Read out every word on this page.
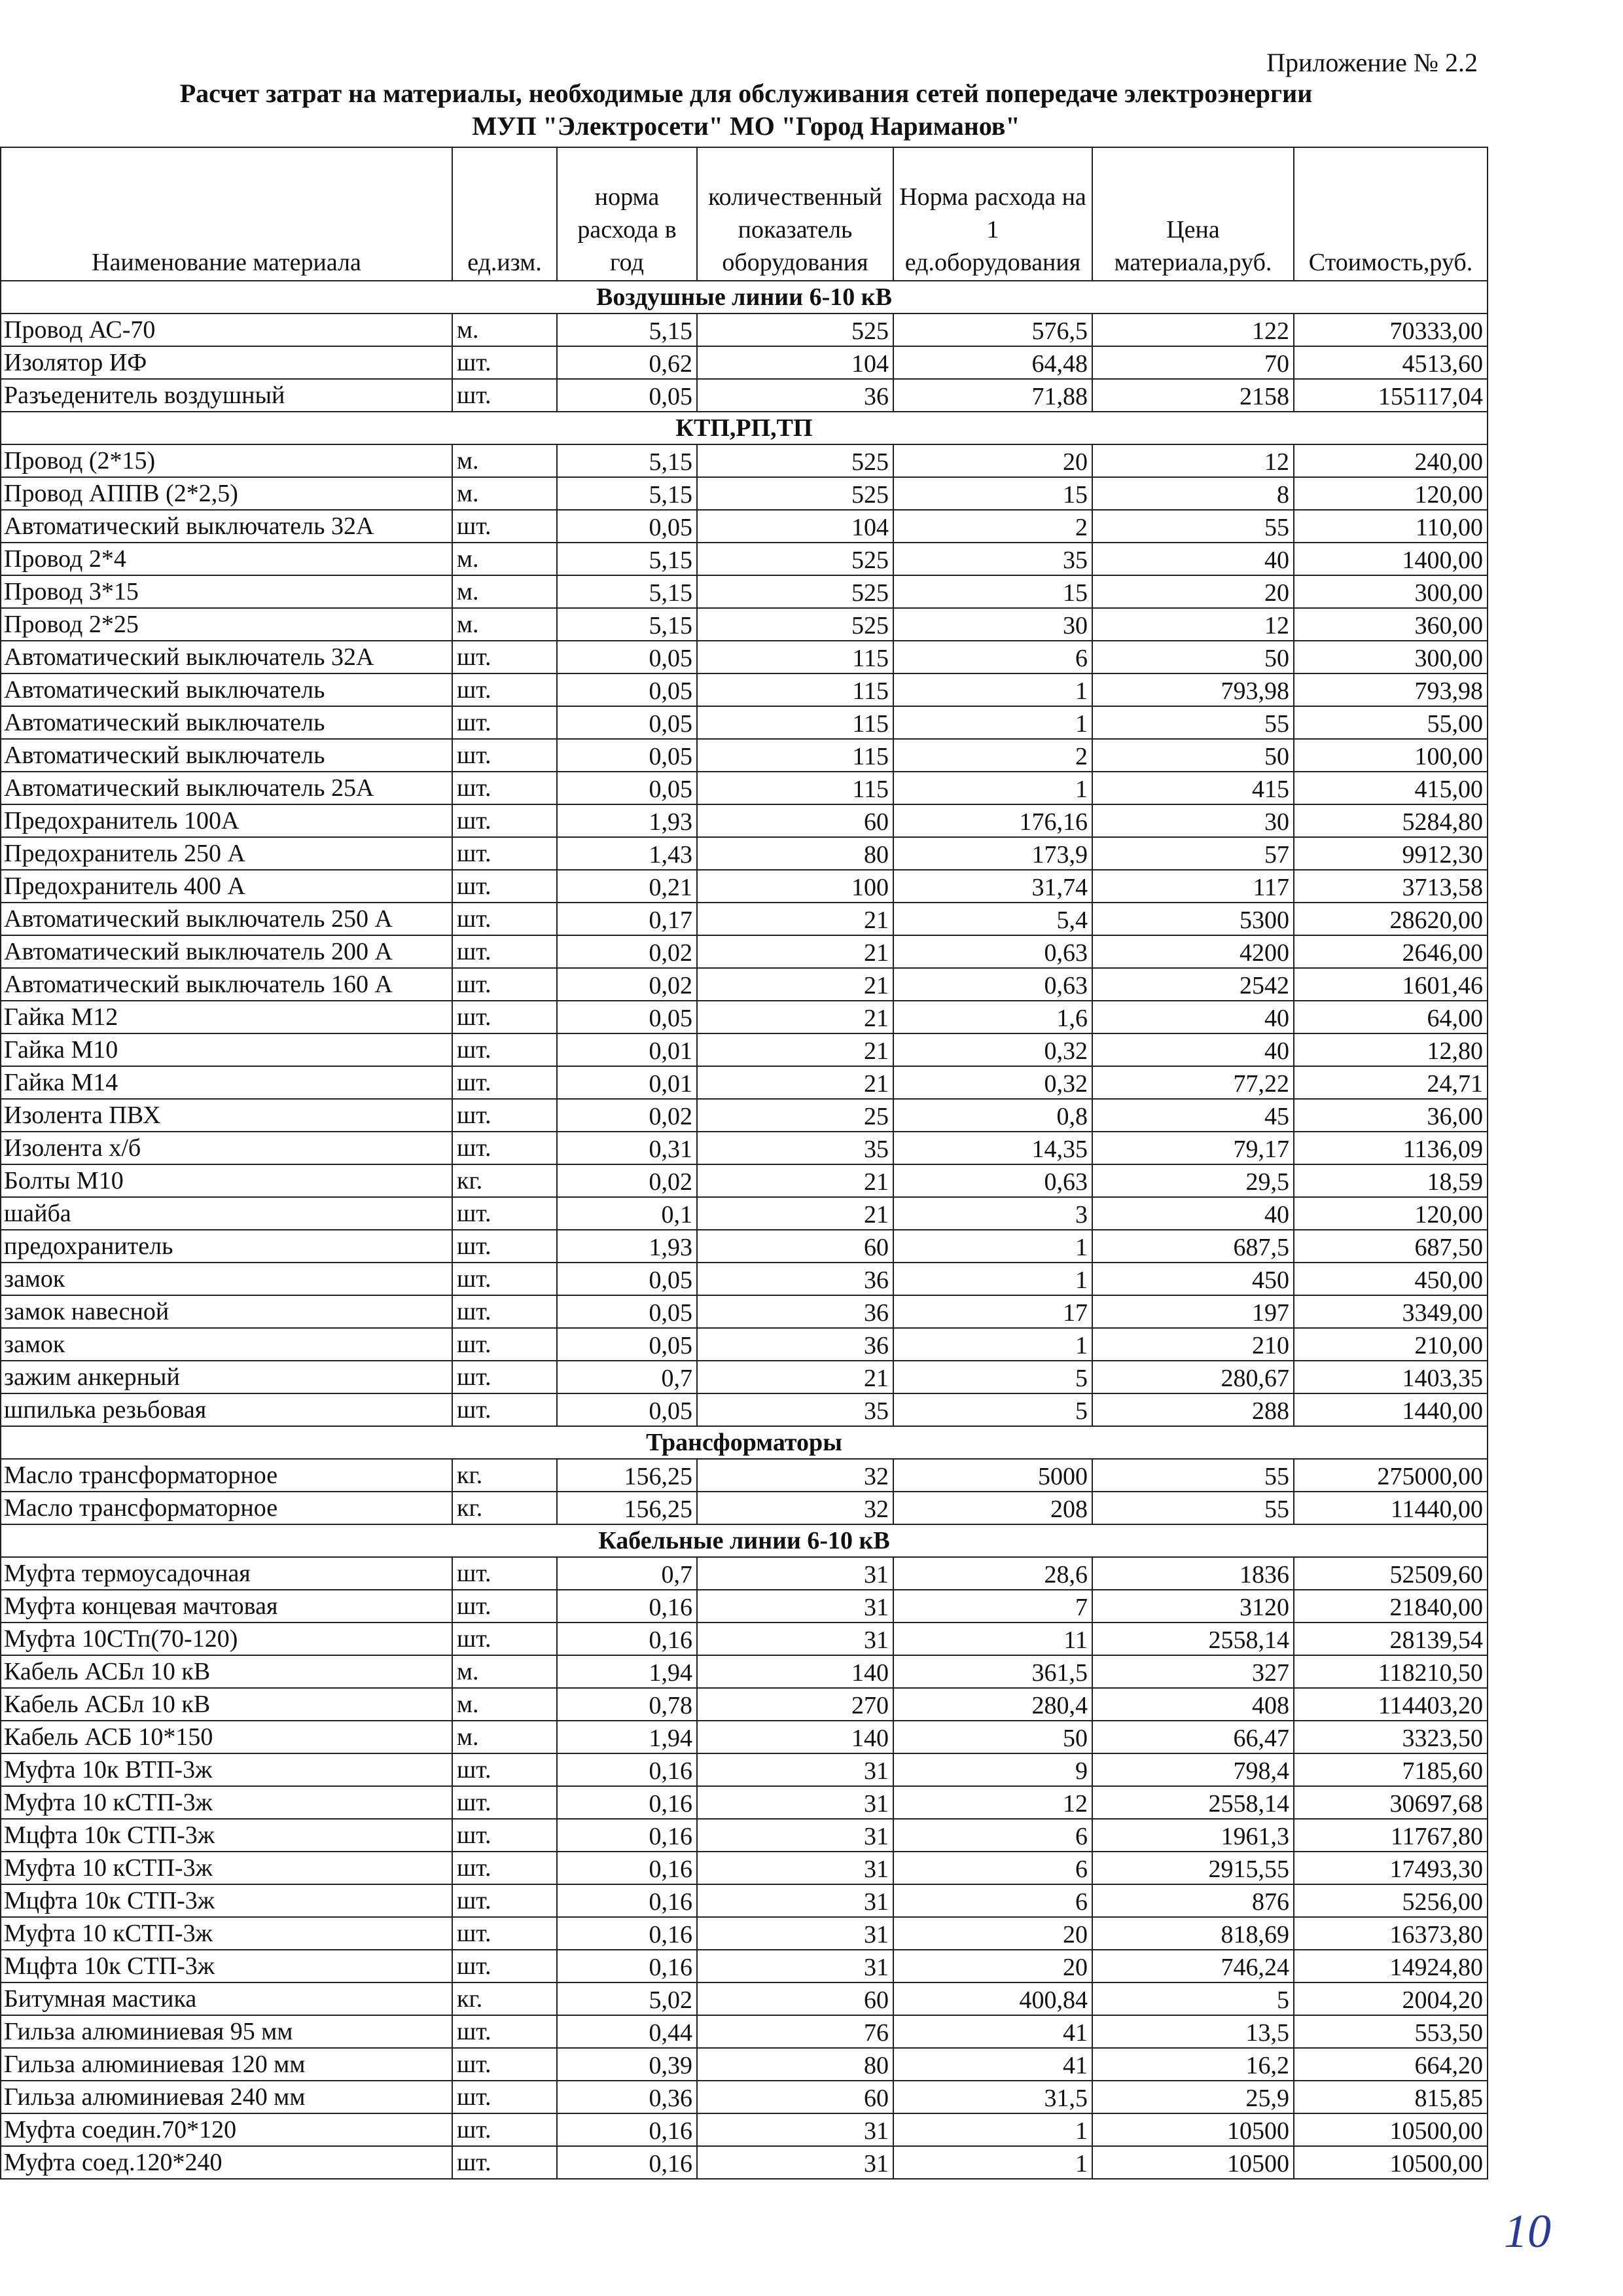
Приложение № 2.2
Расчет затрат на материалы, необходимые для обслуживания сетей попередаче электроэнергии
МУП "Электросети" МО "Город Нариманов"
Наименование материала	ед.изм.	норма расхода в год	количественный показатель оборудования	Норма расхода на 1 ед.оборудования	Цена материала,руб.	Стоимость,руб.
Воздушные линии 6-10 кВ						
Провод АС-70	м.	5,15	525	576,5	122	70333,00
Изолятор ИФ	шт.	0,62	104	64,48	70	4513,60
Разъеденитель воздушный	шт.	0,05	36	71,88	2158	155117,04
КТП,РП,ТП						
Провод (2*15)	м.	5,15	525	20	12	240,00
Провод АППВ (2*2,5)	м.	5,15	525	15	8	120,00
Автоматический выключатель 32А	шт.	0,05	104	2	55	110,00
Провод 2*4	м.	5,15	525	35	40	1400,00
Провод 3*15	м.	5,15	525	15	20	300,00
Провод 2*25	м.	5,15	525	30	12	360,00
Автоматический выключатель 32А	шт.	0,05	115	6	50	300,00
Автоматический выключатель	шт.	0,05	115	1	793,98	793,98
Автоматический выключатель	шт.	0,05	115	1	55	55,00
Автоматический выключатель	шт.	0,05	115	2	50	100,00
Автоматический выключатель 25А	шт.	0,05	115	1	415	415,00
Предохранитель 100А	шт.	1,93	60	176,16	30	5284,80
Предохранитель 250 А	шт.	1,43	80	173,9	57	9912,30
Предохранитель 400 А	шт.	0,21	100	31,74	117	3713,58
Автоматический выключатель 250 А	шт.	0,17	21	5,4	5300	28620,00
Автоматический выключатель 200 А	шт.	0,02	21	0,63	4200	2646,00
Автоматический выключатель 160 А	шт.	0,02	21	0,63	2542	1601,46
Гайка М12	шт.	0,05	21	1,6	40	64,00
Гайка М10	шт.	0,01	21	0,32	40	12,80
Гайка М14	шт.	0,01	21	0,32	77,22	24,71
Изолента ПВХ	шт.	0,02	25	0,8	45	36,00
Изолента х/б	шт.	0,31	35	14,35	79,17	1136,09
Болты М10	кг.	0,02	21	0,63	29,5	18,59
шайба	шт.	0,1	21	3	40	120,00
предохранитель	шт.	1,93	60	1	687,5	687,50
замок	шт.	0,05	36	1	450	450,00
замок навесной	шт.	0,05	36	17	197	3349,00
замок	шт.	0,05	36	1	210	210,00
зажим анкерный	шт.	0,7	21	5	280,67	1403,35
шпилька резьбовая	шт.	0,05	35	5	288	1440,00
Трансформаторы						
Масло трансформаторное	кг.	156,25	32	5000	55	275000,00
Масло трансформаторное	кг.	156,25	32	208	55	11440,00
Кабельные линии 6-10 кВ						
Муфта термоусадочная	шт.	0,7	31	28,6	1836	52509,60
Муфта концевая мачтовая	шт.	0,16	31	7	3120	21840,00
Муфта 10СТп(70-120)	шт.	0,16	31	11	2558,14	28139,54
Кабель АСБл 10 кВ	м.	1,94	140	361,5	327	118210,50
Кабель АСБл 10 кВ	м.	0,78	270	280,4	408	114403,20
Кабель АСБ 10*150	м.	1,94	140	50	66,47	3323,50
Муфта 10к ВТП-3ж	шт.	0,16	31	9	798,4	7185,60
Муфта 10 кСТП-3ж	шт.	0,16	31	12	2558,14	30697,68
Мцфта 10к СТП-3ж	шт.	0,16	31	6	1961,3	11767,80
Муфта 10 кСТП-3ж	шт.	0,16	31	6	2915,55	17493,30
Мцфта 10к СТП-3ж	шт.	0,16	31	6	876	5256,00
Муфта 10 кСТП-3ж	шт.	0,16	31	20	818,69	16373,80
Мцфта 10к СТП-3ж	шт.	0,16	31	20	746,24	14924,80
Битумная мастика	кг.	5,02	60	400,84	5	2004,20
Гильза алюминиевая 95 мм	шт.	0,44	76	41	13,5	553,50
Гильза алюминиевая 120 мм	шт.	0,39	80	41	16,2	664,20
Гильза алюминиевая 240 мм	шт.	0,36	60	31,5	25,9	815,85
Муфта соедин.70*120	шт.	0,16	31	1	10500	10500,00
Муфта соед.120*240	шт.	0,16	31	1	10500	10500,00
10
